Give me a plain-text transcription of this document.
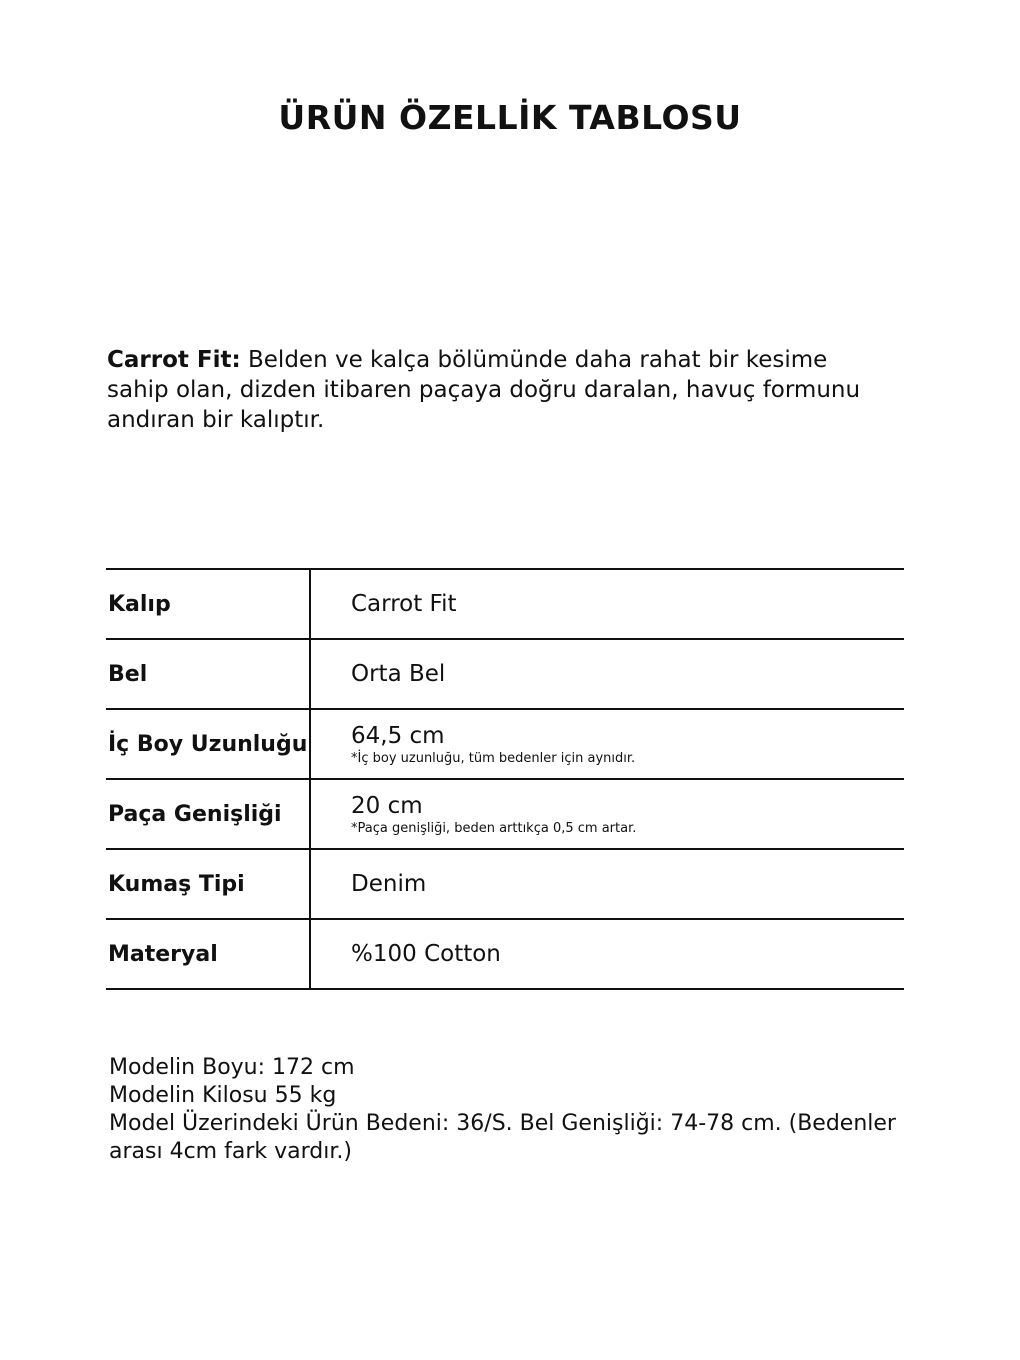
ÜRÜN ÖZELLİK TABLOSU

Carrot Fit: Belden ve kalça bölümünde daha rahat bir kesime sahip olan, dizden itibaren paçaya doğru daralan, havuç formunu andıran bir kalıptır.

Kalıp	Carrot Fit

Bel	Orta Bel

İç Boy Uzunluğu	64,5 cm
*İç boy uzunluğu, tüm bedenler için aynıdır.

Paça Genişliği	20 cm
*Paça genişliği, beden arttıkça 0,5 cm artar.

Kumaş Tipi	Denim

Materyal	%100 Cotton

Modelin Boyu: 172 cm
Modelin Kilosu 55 kg
Model Üzerindeki Ürün Bedeni: 36/S. Bel Genişliği: 74-78 cm. (Bedenler arası 4cm fark vardır.)
